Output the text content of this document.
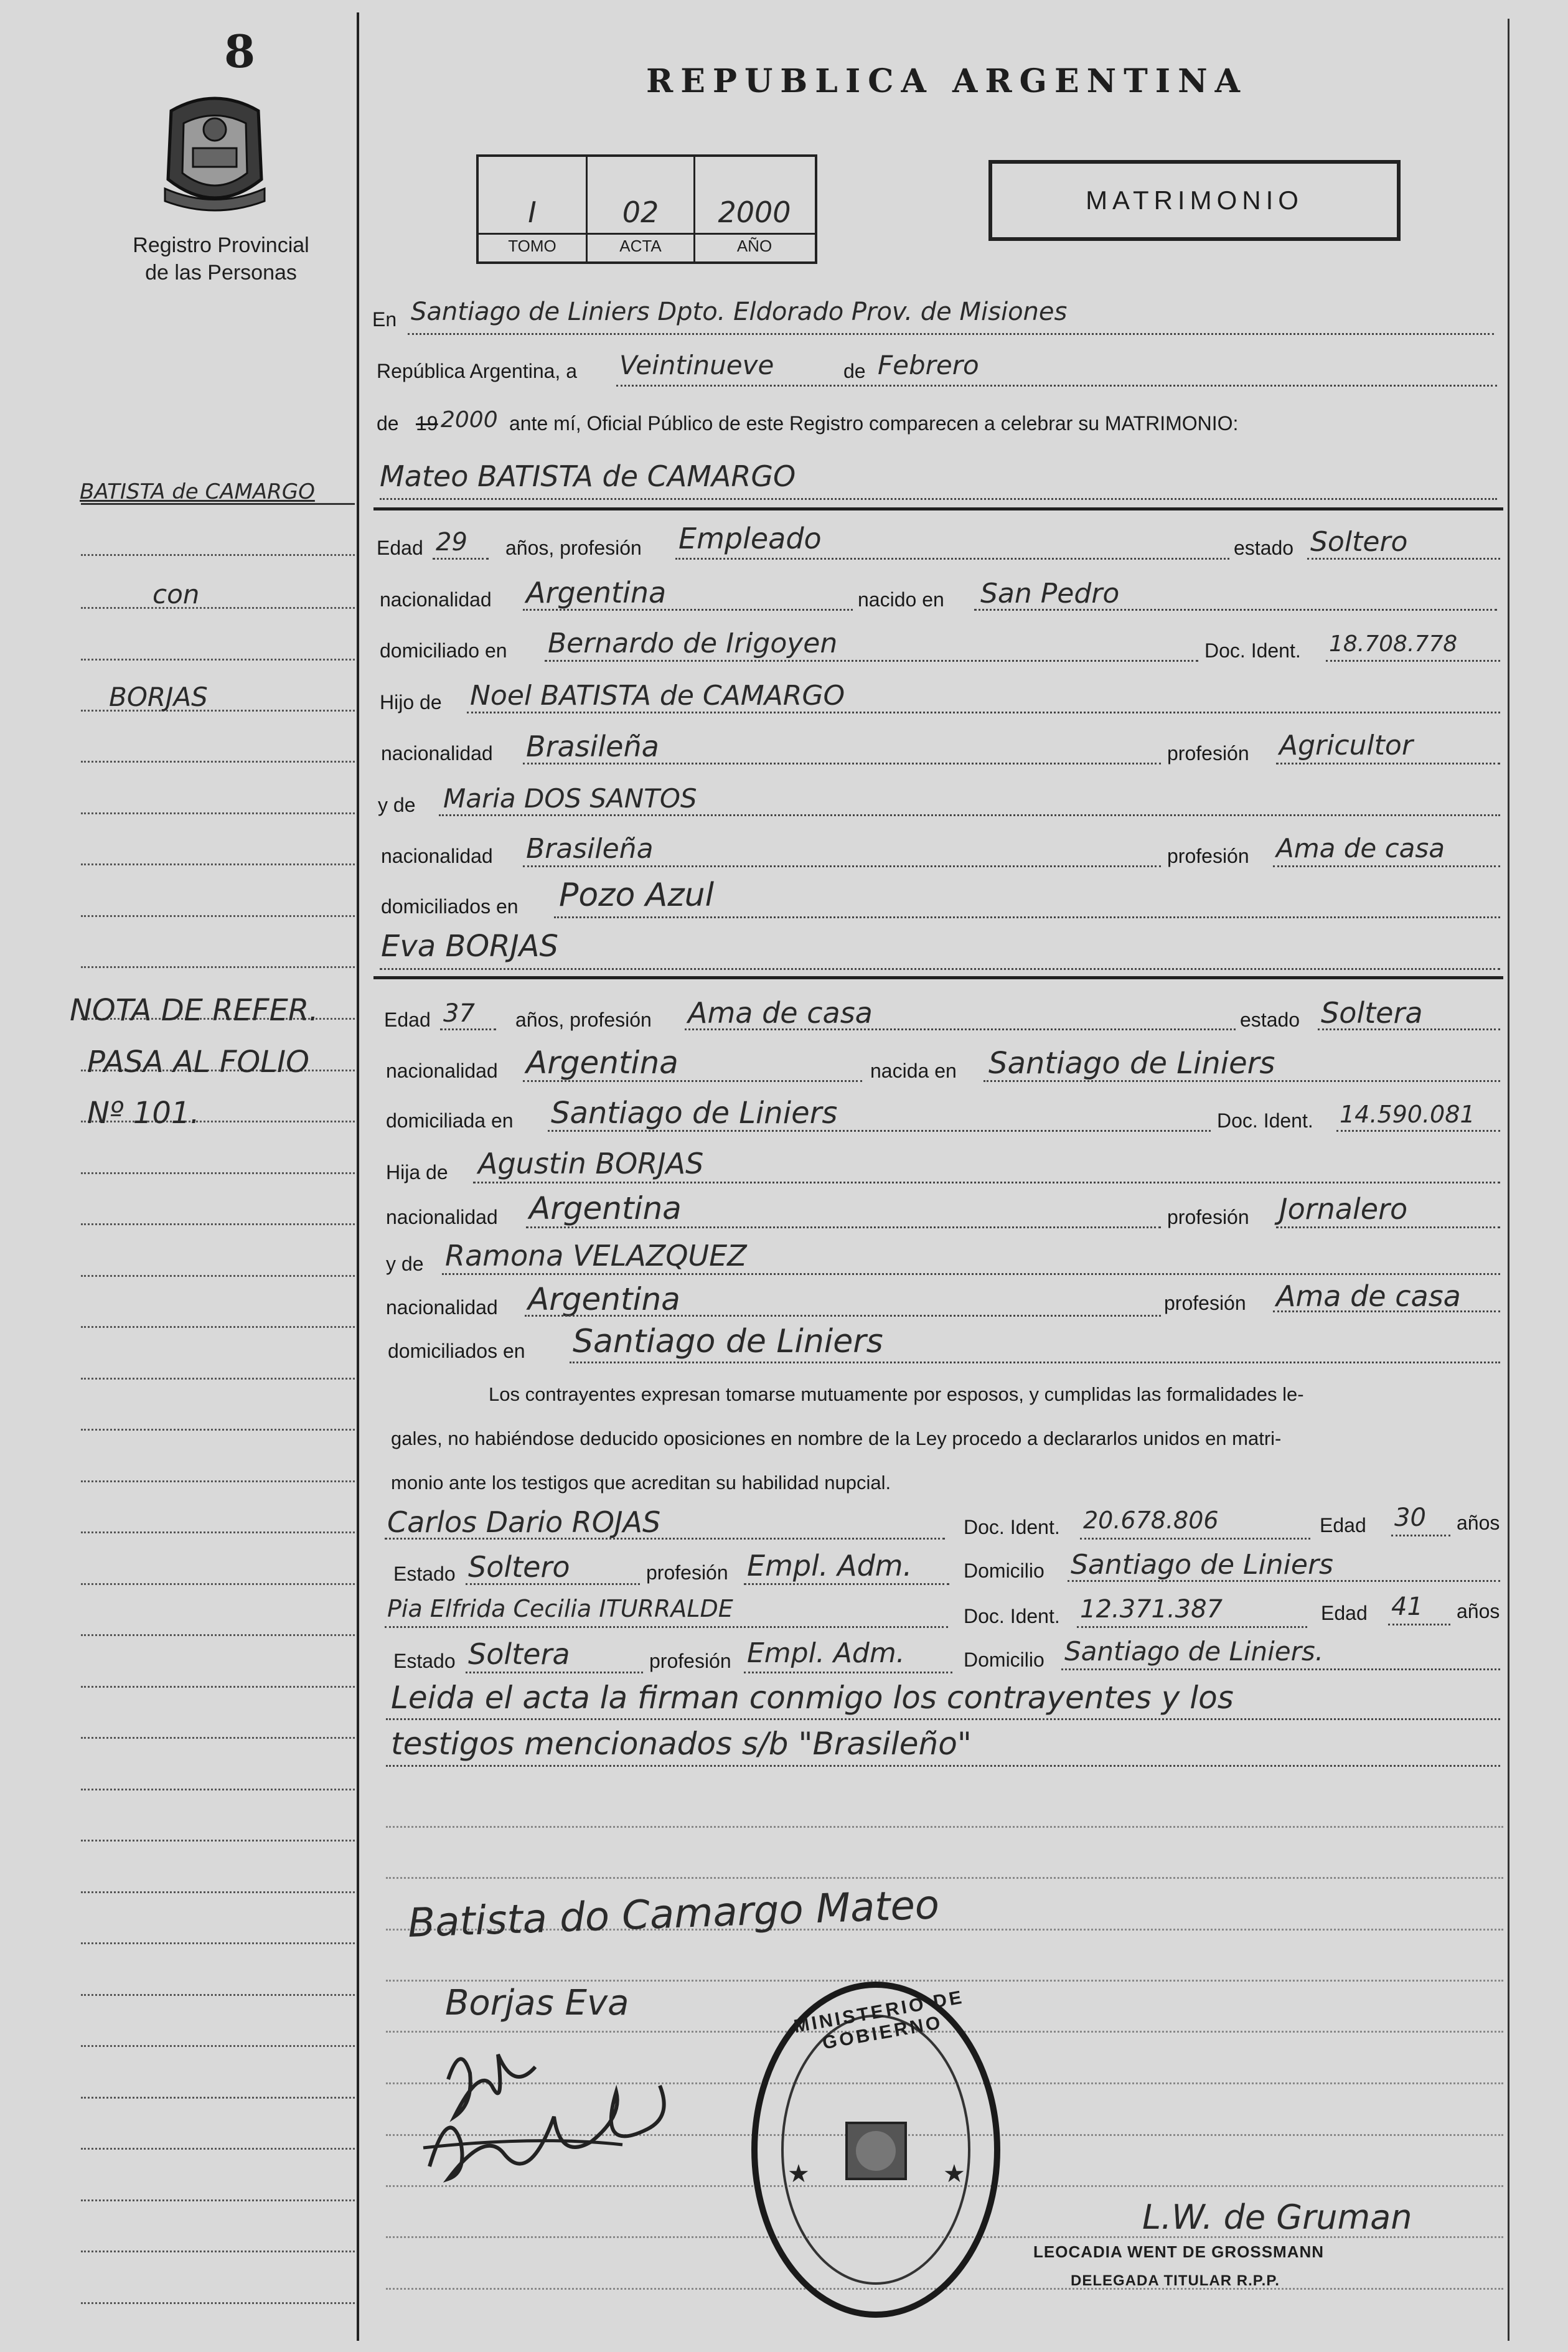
8
Registro Provincial
de las Personas
REPUBLICA ARGENTINA
I	02	2000
TOMO	ACTA	AÑO
MATRIMONIO
BATISTA de CAMARGO
con
BORJAS
NOTA DE REFER.
PASA AL FOLIO
Nº 101.
En Santiago de Liniers Dpto. Eldorado Prov. de Misiones
República Argentina, a Veintinueve	de Febrero
de 19 2000 ante mí, Oficial Público de este Registro comparecen a celebrar su MATRIMONIO:
Mateo BATISTA de CAMARGO
Edad 29 años, profesión Empleado	estado Soltero
nacionalidad Argentina	nacido en San Pedro
domiciliado en Bernardo de Irigoyen	Doc. Ident. 18.708.778
Hijo de Noel BATISTA de CAMARGO
nacionalidad Brasileña	profesión Agricultor
y de Maria DOS SANTOS
nacionalidad Brasileña	profesión Ama de casa
domiciliados en Pozo Azul
Eva BORJAS
Edad 37 años, profesión Ama de casa	estado Soltera
nacionalidad Argentina	nacida en Santiago de Liniers
domiciliada en Santiago de Liniers	Doc. Ident. 14.590.081
Hija de Agustin BORJAS
nacionalidad Argentina	profesión Jornalero
y de Ramona VELAZQUEZ
nacionalidad Argentina	profesión Ama de casa
domiciliados en Santiago de Liniers
Los contrayentes expresan tomarse mutuamente por esposos, y cumplidas las formalidades le-
gales, no habiéndose deducido oposiciones en nombre de la Ley procedo a declararlos unidos en matri-
monio ante los testigos que acreditan su habilidad nupcial.
Carlos Dario ROJAS	Doc. Ident. 20.678.806	Edad 30 años
Estado Soltero	profesión Empl. Adm.	Domicilio Santiago de Liniers
Pia Elfrida Cecilia ITURRALDE	Doc. Ident. 12.371.387	Edad 41 años
Estado Soltera	profesión Empl. Adm.	Domicilio Santiago de Liniers.
Leida el acta la firman conmigo los contrayentes y los
testigos mencionados s/b "Brasileño"
Batista do Camargo Mateo
Borjas Eva
★	★
MINISTERIO DE GOBIERNO
L.W. de Gruman
LEOCADIA WENT DE GROSSMANN
DELEGADA TITULAR R.P.P.
